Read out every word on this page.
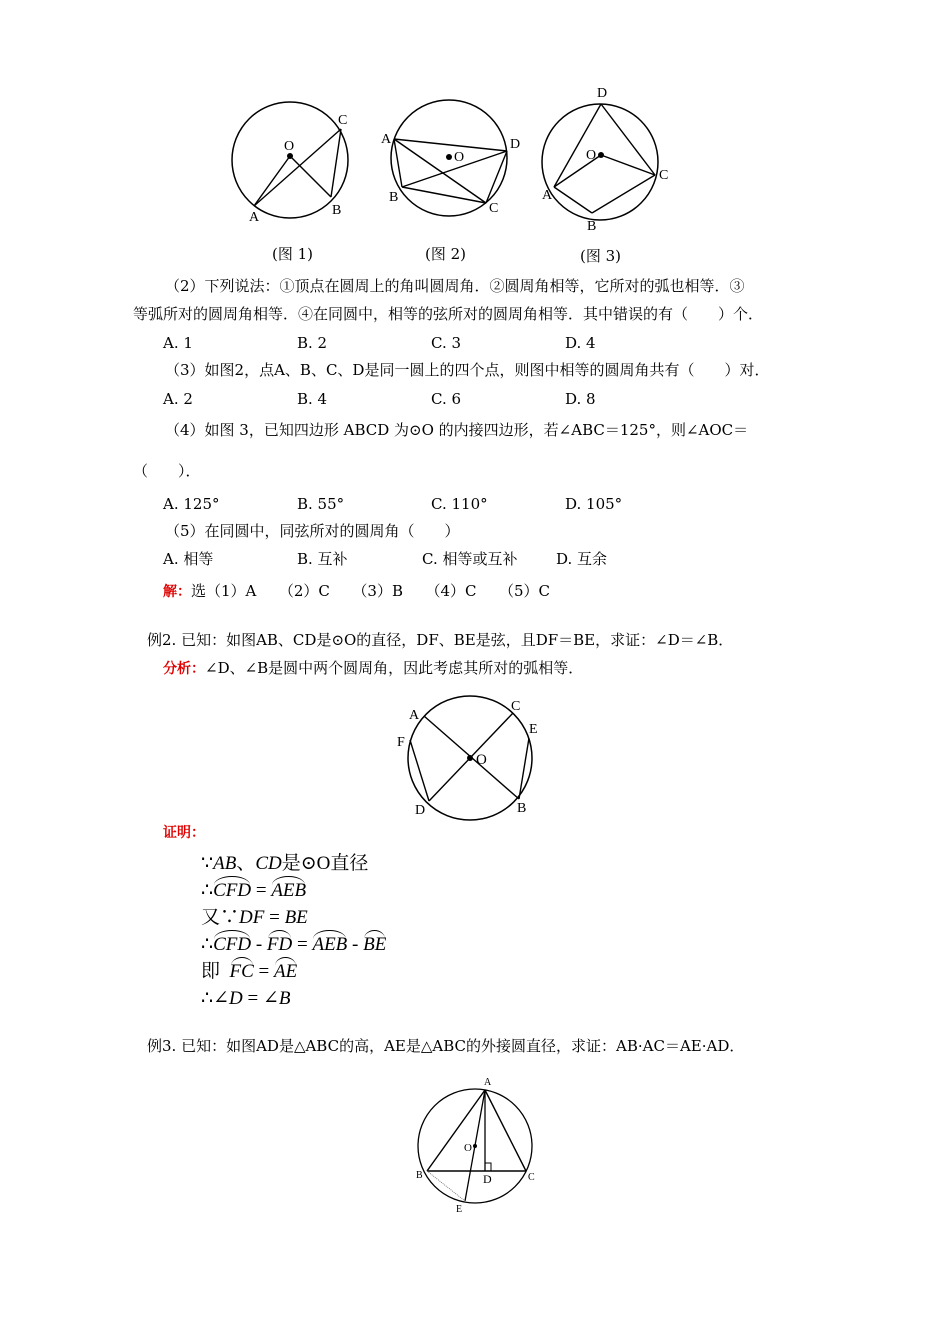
O
A	B
C
(图 1)
O
A
B
C
D
(图 2)
O
D
A
B
C
(图 3)
（2）下列说法：①顶点在圆周上的角叫圆周角．②圆周角相等，它所对的弧也相等．③
等弧所对的圆周角相等．④在同圆中，相等的弦所对的圆周角相等．其中错误的有（　　）个．
A. 1	B. 2	C. 3	D. 4
（3）如图2，点A、B、C、D是同一圆上的四个点，则图中相等的圆周角共有（　　）对．
A. 2	B. 4	C. 6	D. 8
（4）如图 3，已知四边形 ABCD 为⊙O 的内接四边形，若∠ABC＝125°，则∠AOC＝
（　　）．
A. 125°	B. 55°	C. 110°	D. 105°
（5）在同圆中，同弦所对的圆周角（　　）
A. 相等	B. 互补	C. 相等或互补	D. 互余
解：选（1）A　　（2）C　　（3）B　　（4）C　　（5）C
例2. 已知：如图AB、CD是⊙O的直径，DF、BE是弦，且DF＝BE，求证：∠D＝∠B．
分析：∠D、∠B是圆中两个圆周角，因此考虑其所对的弧相等．
O
A
C
E
F
D	B
证明：
∵AB、CD是⊙O直径
∴CFD = AEB
又∵DF = BE
∴CFD - FD = AEB - BE
即 FC = AE
∴∠D = ∠B
例3. 已知：如图AD是△ABC的高，AE是△ABC的外接圆直径，求证：AB·AC＝AE·AD．
A
O
B	C
D
E
